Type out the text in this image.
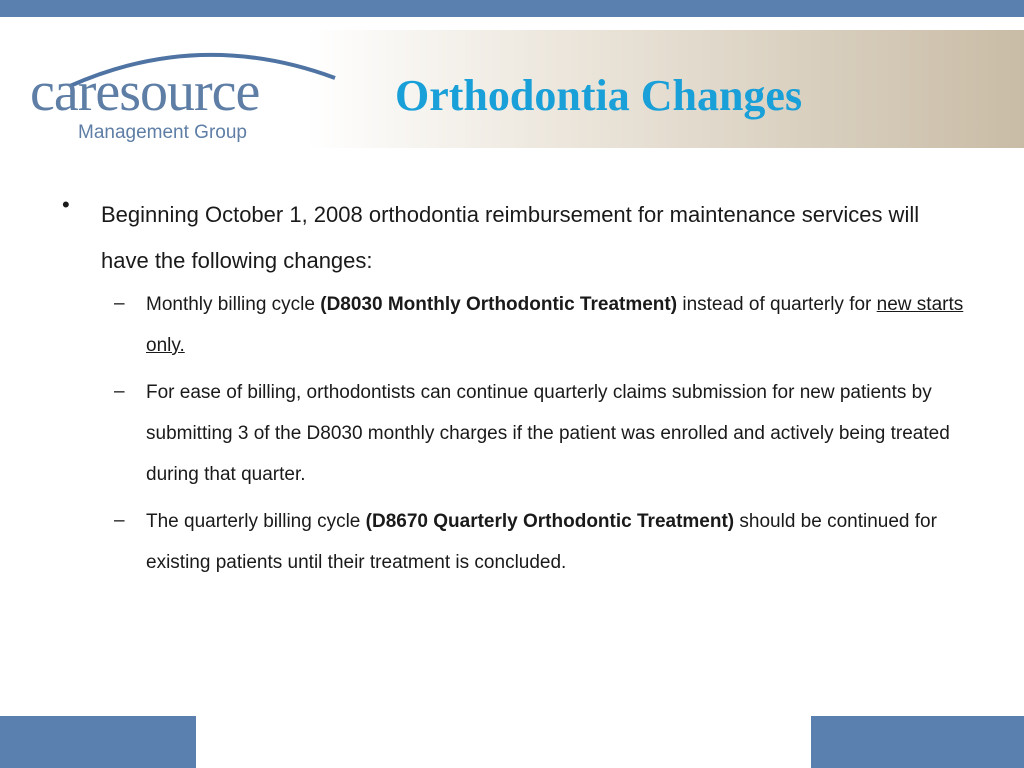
caresource
Management Group
Orthodontia Changes
• Beginning October 1, 2008 orthodontia reimbursement for maintenance services will have the following changes:
– Monthly billing cycle (D8030 Monthly Orthodontic Treatment) instead of quarterly for new starts only.
– For ease of billing, orthodontists can continue quarterly claims submission for new patients by submitting 3 of the D8030 monthly charges if the patient was enrolled and actively being treated during that quarter.
– The quarterly billing cycle (D8670 Quarterly Orthodontic Treatment) should be continued for existing patients until their treatment is concluded.
